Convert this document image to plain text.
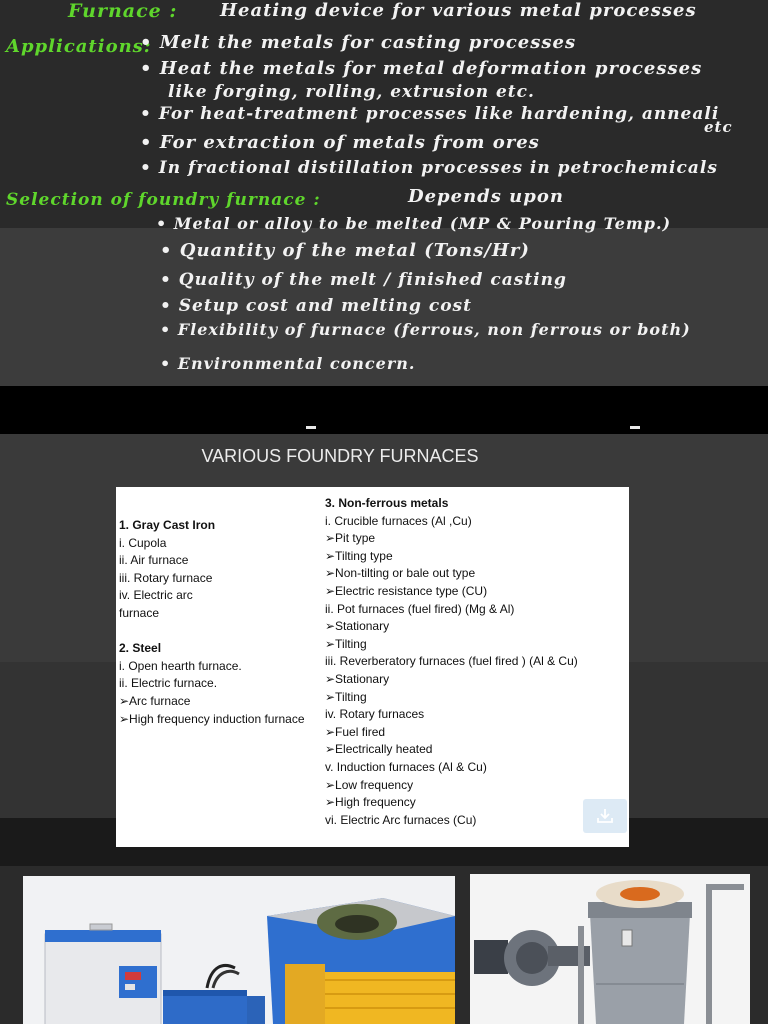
Furnace : Heating device for various metal processes
Applications:
• Melt the metals for casting processes
• Heat the metals for metal deformation processes
like forging, rolling, extrusion etc.
• For heat-treatment processes like hardening, anneali
etc
• For extraction of metals from ores
• In fractional distillation processes in petrochemicals
Selection of foundry furnace :	Depends upon
• Metal or alloy to be melted (MP & Pouring Temp.)
• Quantity of the metal (Tons/Hr)
• Quality of the melt / finished casting
• Setup cost and melting cost
• Flexibility of furnace (ferrous, non ferrous or both)
• Environmental concern.
VARIOUS FOUNDRY FURNACES
1. Gray Cast Iron
i. Cupola
ii. Air furnace
iii. Rotary furnace
iv. Electric arc
furnace
2. Steel
i. Open hearth furnace.
ii. Electric furnace.
➢Arc furnace
➢High frequency induction furnace
3. Non-ferrous metals
i. Crucible furnaces (Al ,Cu)
➢Pit type
➢Tilting type
➢Non-tilting or bale out type
➢Electric resistance type (CU)
ii. Pot furnaces (fuel fired) (Mg & Al)
➢Stationary
➢Tilting
iii. Reverberatory furnaces (fuel fired ) (Al & Cu)
➢Stationary
➢Tilting
iv. Rotary furnaces
➢Fuel fired
➢Electrically heated
v. Induction furnaces (Al & Cu)
➢Low frequency
➢High frequency
vi. Electric Arc furnaces (Cu)
